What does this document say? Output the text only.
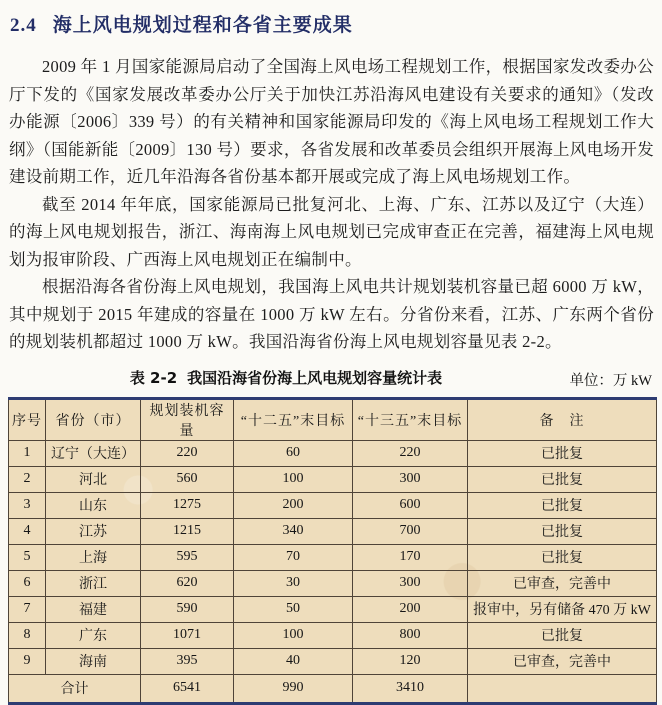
2.4 海上风电规划过程和各省主要成果

2009 年 1 月国家能源局启动了全国海上风电场工程规划工作，根据国家发改委办公厅下发的《国家发展改革委办公厅关于加快江苏沿海风电建设有关要求的通知》（发改办能源〔2006〕339 号）的有关精神和国家能源局印发的《海上风电场工程规划工作大纲》（国能新能〔2009〕130 号）要求，各省发展和改革委员会组织开展海上风电场开发建设前期工作，近几年沿海各省份基本都开展或完成了海上风电场规划工作。

截至 2014 年年底，国家能源局已批复河北、上海、广东、江苏以及辽宁（大连）的海上风电规划报告，浙江、海南海上风电规划已完成审查正在完善，福建海上风电规划为报审阶段、广西海上风电规划正在编制中。

根据沿海各省份海上风电规划，我国海上风电共计规划装机容量已超 6000 万 kW，其中规划于 2015 年建成的容量在 1000 万 kW 左右。分省份来看，江苏、广东两个省份的规划装机都超过 1000 万 kW。我国沿海省份海上风电规划容量见表 2-2。

表 2-2 我国沿海省份海上风电规划容量统计表	单位：万 kW
序号	省份（市）	规划装机容量	“十二五”末目标	“十三五”末目标	备　注
1	辽宁（大连）	220	60	220	已批复
2	河北	560	100	300	已批复
3	山东	1275	200	600	已批复
4	江苏	1215	340	700	已批复
5	上海	595	70	170	已批复
6	浙江	620	30	300	已审查，完善中
7	福建	590	50	200	报审中，另有储备 470 万 kW
8	广东	1071	100	800	已批复
9	海南	395	40	120	已审查，完善中
合计		6541	990	3410	
